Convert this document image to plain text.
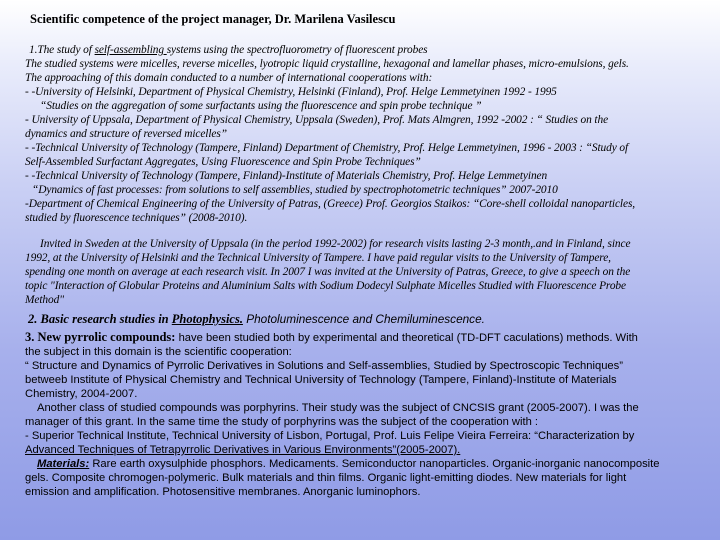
Scientific competence of the project manager, Dr. Marilena Vasilescu
1.The study of self-assembling systems using the spectrofluorometry of fluorescent probes
The studied systems were micelles, reverse micelles, lyotropic liquid crystalline, hexagonal and lamellar phases, micro-emulsions, gels.
The approaching of this domain conducted to a number of international cooperations with:
- -University of Helsinki, Department of Physical Chemistry, Helsinki (Finland), Prof. Helge Lemmetyinen 1992 - 1995
“Studies on the aggregation of some surfactants using the fluorescence and spin probe technique ”
- University of Uppsala, Department of Physical Chemistry, Uppsala (Sweden), Prof. Mats Almgren, 1992 -2002 : “ Studies on the
dynamics and structure of reversed micelles”
- -Technical University of Technology (Tampere, Finland) Department of Chemistry, Prof. Helge Lemmetyinen, 1996 - 2003 : “Study of
Self-Assembled Surfactant Aggregates, Using Fluorescence and Spin Probe Techniques”
- -Technical University of Technology (Tampere, Finland)-Institute of Materials Chemistry, Prof. Helge Lemmetyinen
“Dynamics of fast processes: from solutions to self assemblies, studied by spectrophotometric techniques” 2007-2010
-Department of Chemical Engineering of the University of Patras, (Greece) Prof. Georgios Staikos: “Core-shell colloidal nanoparticles,
studied by fluorescence techniques” (2008-2010).
Invited in Sweden at the University of Uppsala (in the period 1992-2002) for research visits lasting 2-3 month,.and in Finland, since
1992, at the University of Helsinki and the Technical University of Tampere. I have paid regular visits to the University of Tampere,
spending one month on average at each research visit. In 2007 I was invited at the University of Patras, Greece, to give a speech on the
topic "Interaction of Globular Proteins and Aluminium Salts with Sodium Dodecyl Sulphate Micelles Studied with Fluorescence Probe
Method"
2. Basic research studies in Photophysics. Photoluminescence and Chemiluminescence.
3. New pyrrolic compounds: have been studied both by experimental and theoretical (TD-DFT caculations) methods. With
the subject in this domain is the scientific cooperation:
“ Structure and Dynamics of Pyrrolic Derivatives in Solutions and Self-assemblies, Studied by Spectroscopic Techniques”
betweeb Institute of Physical Chemistry and Technical University of Technology (Tampere, Finland)-Institute of Materials
Chemistry, 2004-2007.
Another class of studied compounds was porphyrins. Their study was the subject of CNCSIS grant (2005-2007). I was the
manager of this grant. In the same time the study of porphyrins was the subject of the cooperation with :
- Superior Technical Institute, Technical University of Lisbon, Portugal, Prof. Luis Felipe Vieira Ferreira: “Characterization by
Advanced Techniques of Tetrapyrrolic Derivatives in Various Environments”(2005-2007).
Materials: Rare earth oxysulphide phosphors. Medicaments. Semiconductor nanoparticles. Organic-inorganic nanocomposite
gels. Composite chromogen-polymeric. Bulk materials and thin films. Organic light-emitting diodes. New materials for light
emission and amplification. Photosensitive membranes. Anorganic luminophors.
